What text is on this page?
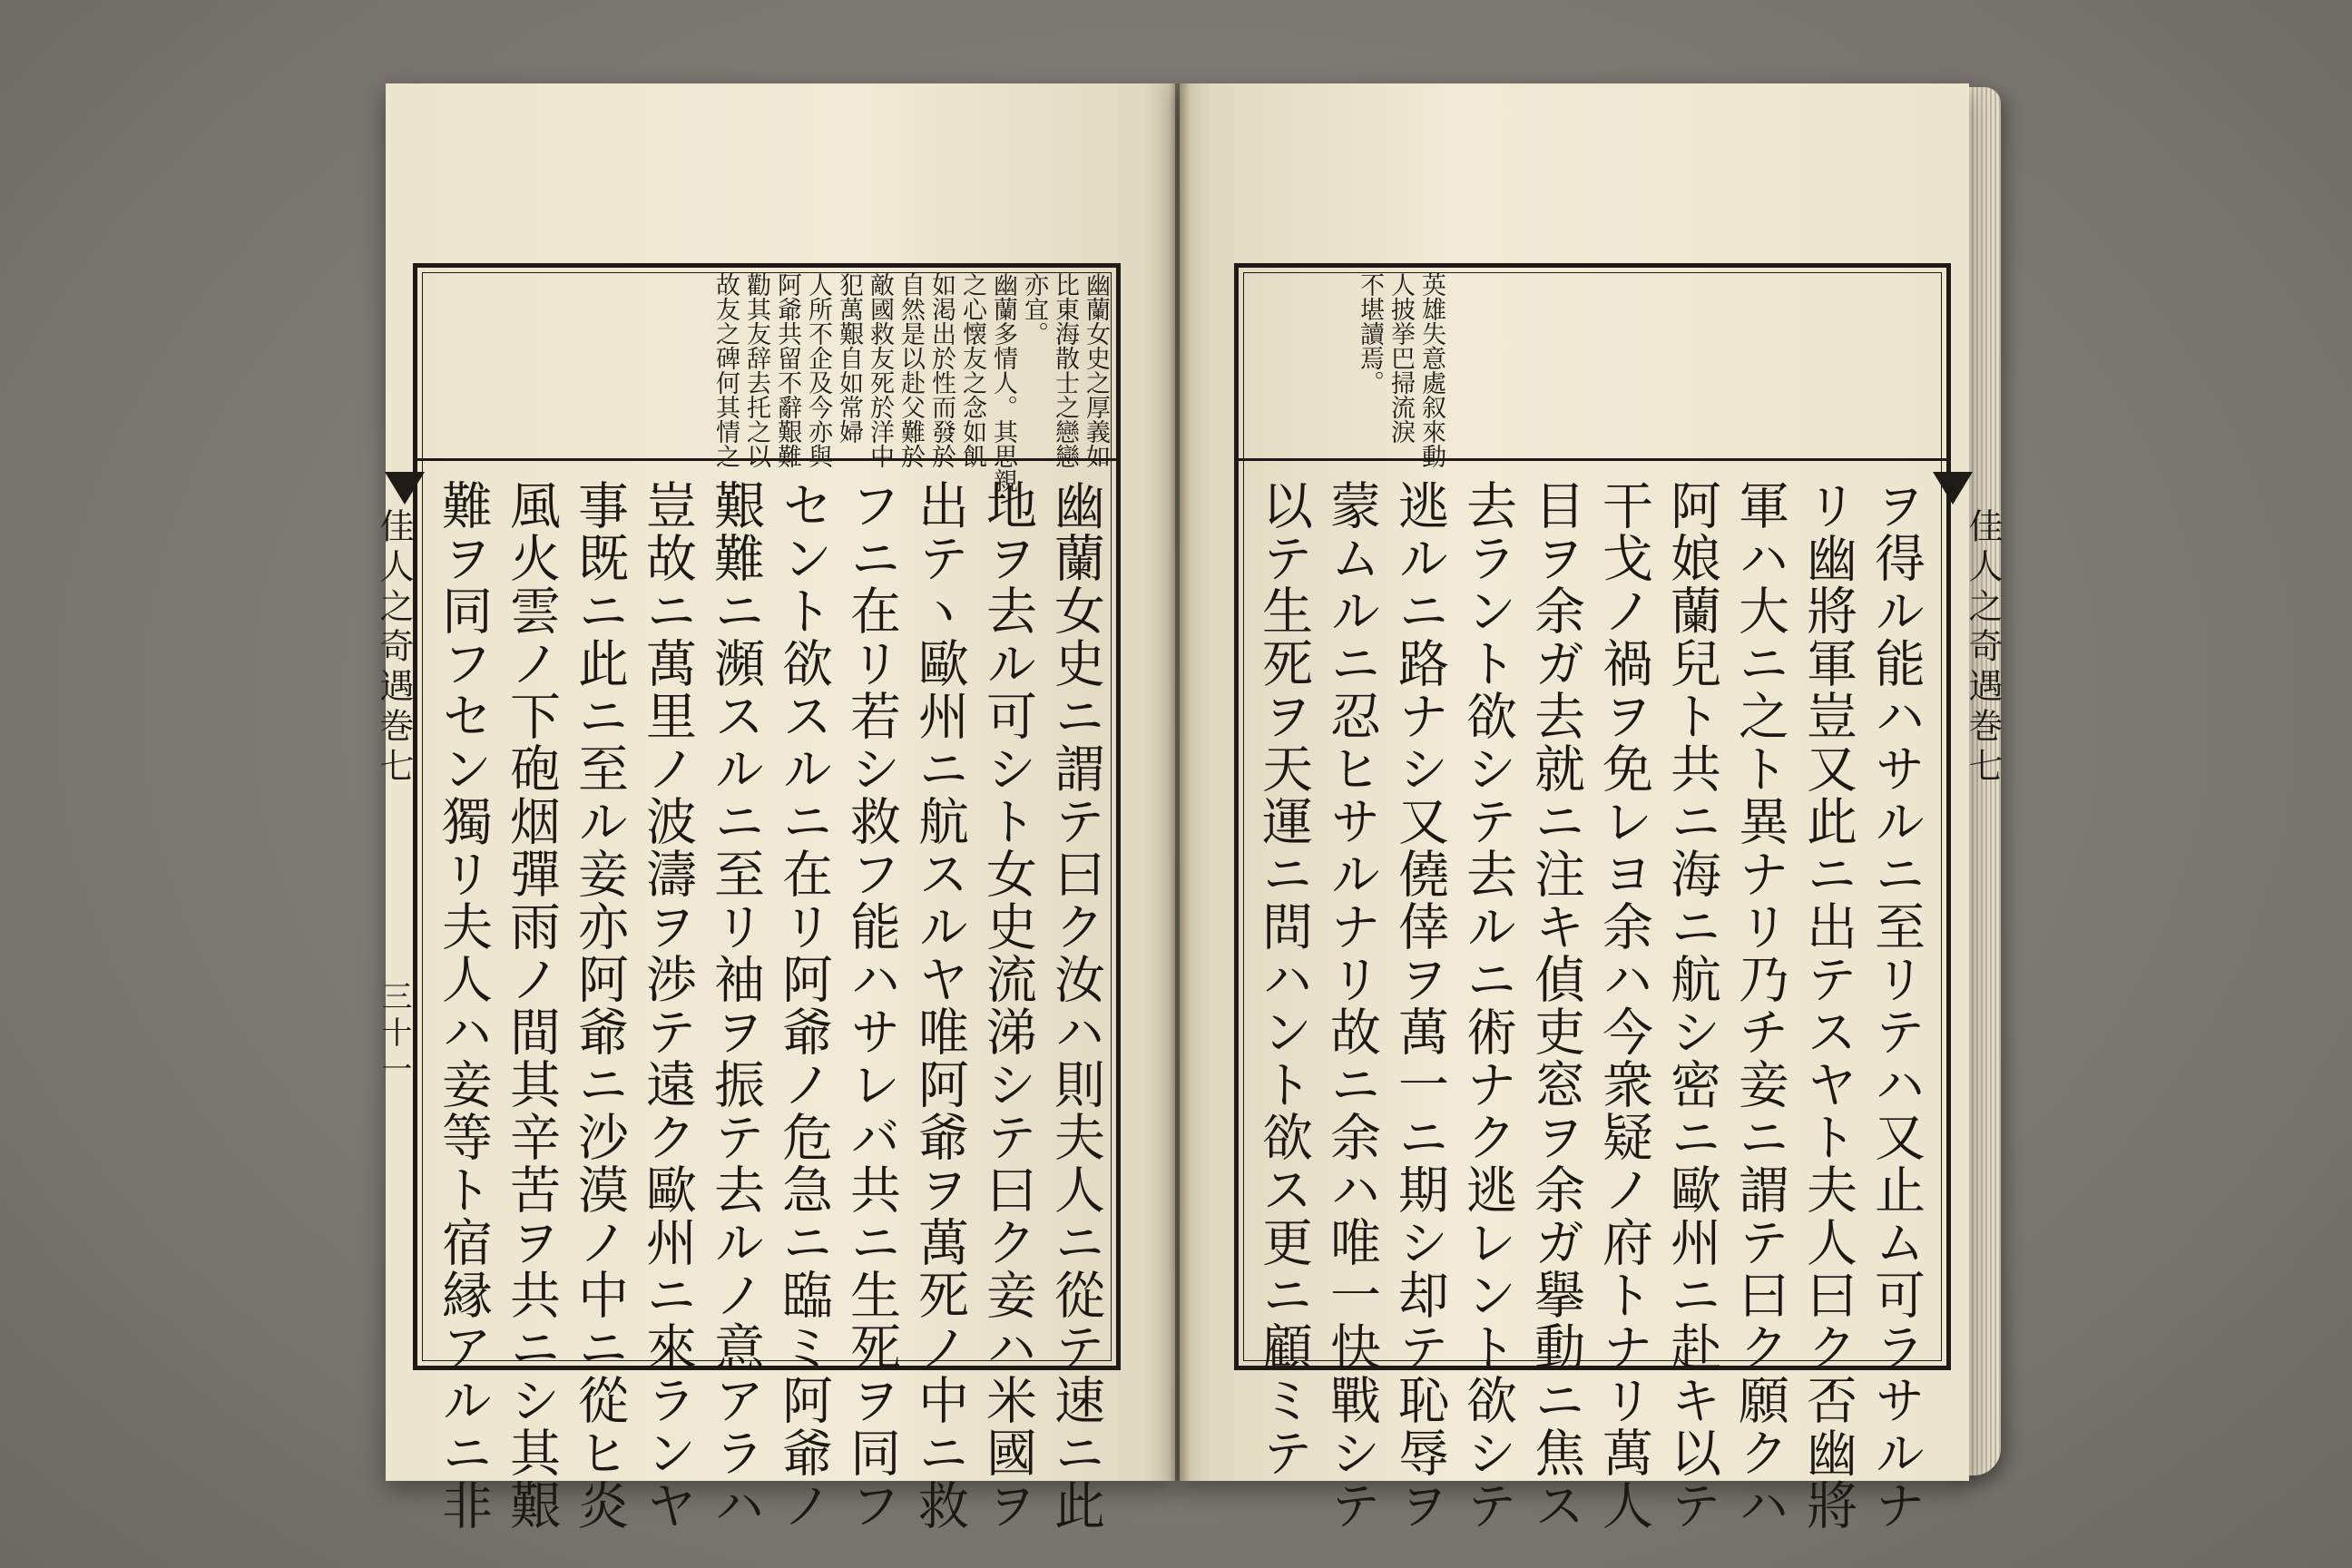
佳人之奇遇巻七
三十一
幽蘭女史之厚義如
比東海散士之戀戀
亦宜。
幽蘭多情人。其思親
之心懐友之念如飢
如渇出於性而發於
自然是以赴父難於
敵國救友死於洋中
犯萬艱自如常婦
人所不企及今亦與
阿爺共留不辭艱難
勸其友辞去托之以
故友之碑何其情之
幽蘭女史ニ謂テ曰ク汝ハ則夫人ニ從テ速ニ此
地ヲ去ル可シト女史流涕シテ曰ク妾ハ米國ヲ
出テヽ歐州ニ航スルヤ唯阿爺ヲ萬死ノ中ニ救
フニ在リ若シ救フ能ハサレバ共ニ生死ヲ同フ
セント欲スルニ在リ阿爺ノ危急ニ臨ミ阿爺ノ
艱難ニ瀕スルニ至リ袖ヲ振テ去ルノ意アラハ
豈故ニ萬里ノ波濤ヲ渉テ遠ク歐州ニ來ランヤ
事既ニ此ニ至ル妾亦阿爺ニ沙漠ノ中ニ從ヒ炎
風火雲ノ下砲烟彈雨ノ間其辛苦ヲ共ニシ其艱
難ヲ同フセン獨リ夫人ハ妾等ト宿縁アルニ非	佳人之奇遇巻七
英雄失意處叙來動
人披挙巴掃流淚
不堪讀焉。
ヲ得ル能ハサルニ至リテハ又止ム可ラサルナ
リ幽將軍豈又此ニ出テスヤト夫人曰ク否幽將
軍ハ大ニ之ト異ナリ乃チ妾ニ謂テ曰ク願クハ
阿娘蘭兒ト共ニ海ニ航シ密ニ歐州ニ赴キ以テ
干戈ノ禍ヲ免レヨ余ハ今衆疑ノ府トナリ萬人
目ヲ余ガ去就ニ注キ偵吏窓ヲ余ガ擧動ニ焦ス
去ラント欲シテ去ルニ術ナク逃レント欲シテ
逃ルニ路ナシ又僥倖ヲ萬一ニ期シ却テ恥辱ヲ
蒙ムルニ忍ヒサルナリ故ニ余ハ唯一快戰シテ
以テ生死ヲ天運ニ問ハント欲ス更ニ顧ミテ
